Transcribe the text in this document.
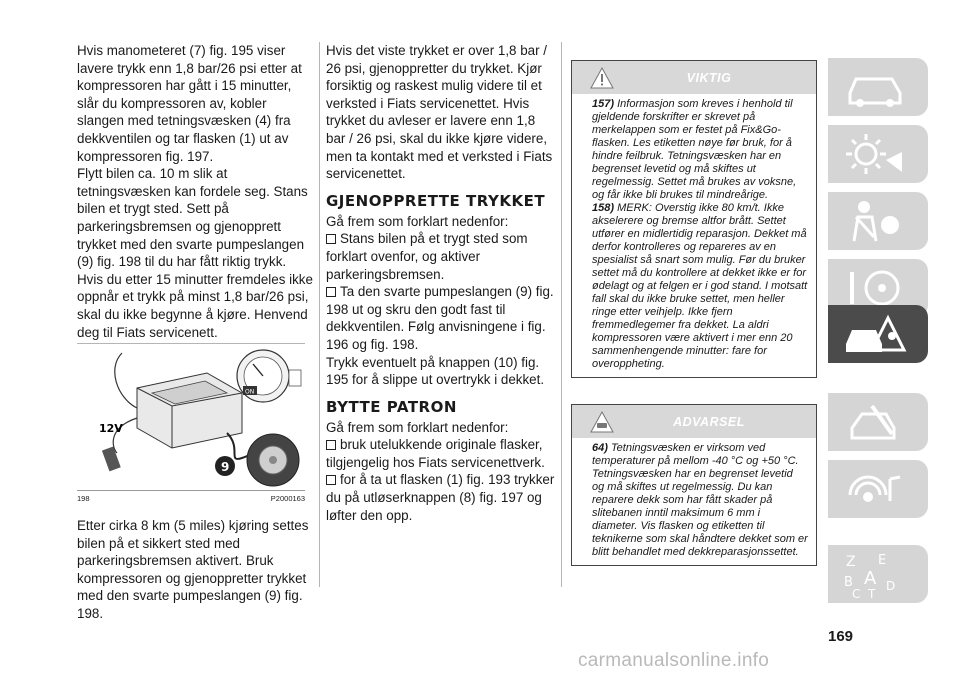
Hvis manometeret (7) fig. 195 viser lavere trykk enn 1,8 bar/26 psi etter at kompressoren har gått i 15 minutter, slår du kompressoren av, kobler slangen med tetningsvæsken (4) fra dekkventilen og tar flasken (1) ut av kompressoren fig. 197.

Flytt bilen ca. 10 m slik at tetningsvæsken kan fordele seg. Stans bilen et trygt sted. Sett på parkeringsbremsen og gjenopprett trykket med den svarte pumpeslangen (9) fig. 198 til du har fått riktig trykk. Hvis du etter 15 minutter fremdeles ikke oppnår et trykk på minst 1,8 bar/26 psi, skal du ikke begynne å kjøre. Henvend deg til Fiats servicenett.

ON
12V
9
198	P2000163

Etter cirka 8 km (5 miles) kjøring settes bilen på et sikkert sted med parkeringsbremsen aktivert. Bruk kompressoren og gjenoppretter trykket med den svarte pumpeslangen (9) fig. 198.

Hvis det viste trykket er over 1,8 bar / 26 psi, gjenoppretter du trykket. Kjør forsiktig og raskest mulig videre til et verksted i Fiats servicenettet. Hvis trykket du avleser er lavere enn 1,8 bar / 26 psi, skal du ikke kjøre videre, men ta kontakt med et verksted i Fiats servicenettet.

GJENOPPRETTE TRYKKET

Gå frem som forklart nedenfor:

Stans bilen på et trygt sted som forklart ovenfor, og aktiver parkeringsbremsen.

Ta den svarte pumpeslangen (9) fig. 198 ut og skru den godt fast til dekkventilen. Følg anvisningene i fig. 196 og fig. 198.

Trykk eventuelt på knappen (10) fig. 195 for å slippe ut overtrykk i dekket.

BYTTE PATRON

Gå frem som forklart nedenfor:

bruk utelukkende originale flasker, tilgjengelig hos Fiats servicenettverk.

for å ta ut flasken (1) fig. 193 trykker du på utløserknappen (8) fig. 197 og løfter den opp.

VIKTIG

157) Informasjon som kreves i henhold til gjeldende forskrifter er skrevet på merkelappen som er festet på Fix&Go-flasken. Les etiketten nøye før bruk, for å hindre feilbruk. Tetningsvæsken har en begrenset levetid og må skiftes ut regelmessig. Settet må brukes av voksne, og får ikke bli brukes til mindreårige.

158) MERK: Overstig ikke 80 km/t. Ikke akselerere og bremse altfor brått. Settet utfører en midlertidig reparasjon. Dekket må derfor kontrolleres og repareres av en spesialist så snart som mulig. Før du bruker settet må du kontrollere at dekket ikke er for ødelagt og at felgen er i god stand. I motsatt fall skal du ikke bruke settet, men heller ringe etter veihjelp. Ikke fjern fremmedlegemer fra dekket. La aldri kompressoren være aktivert i mer enn 20 sammenhengende minutter: fare for overoppheting.

ADVARSEL

64) Tetningsvæsken er virksom ved temperaturer på mellom -40 °C og +50 °C. Tetningsvæsken har en begrenset levetid og må skiftes ut regelmessig. Du kan reparere dekk som har fått skader på slitebanen inntil maksimum 6 mm i diameter. Vis flasken og etiketten til teknikerne som skal håndtere dekket som er blitt behandlet med dekkreparasjonssettet.

Z E
B A
C T
D
169
carmanualsonline.info
